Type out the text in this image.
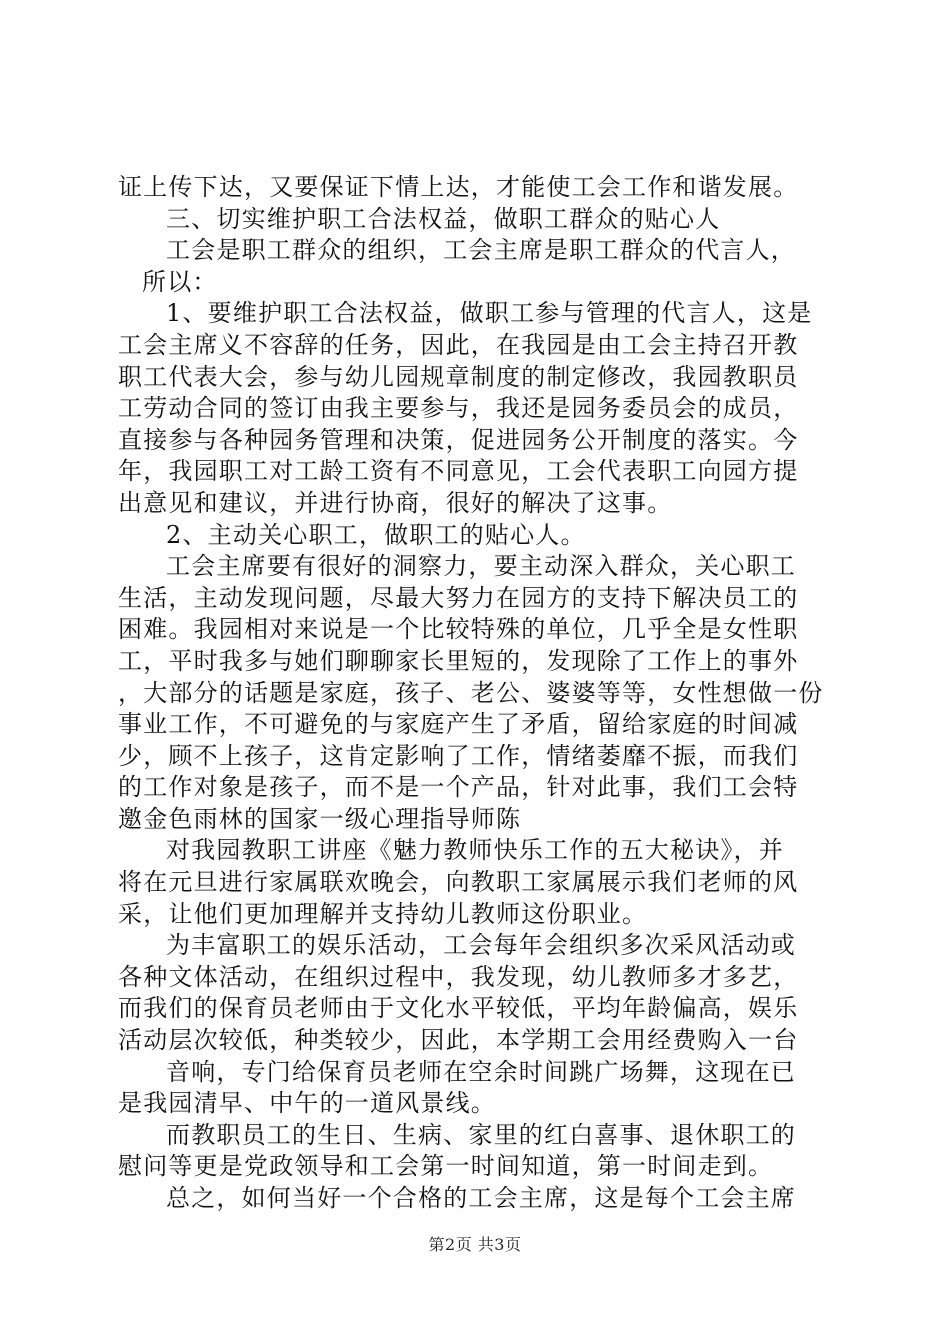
证上传下达，又要保证下情上达，才能使工会工作和谐发展。
三、切实维护职工合法权益，做职工群众的贴心人
工会是职工群众的组织，工会主席是职工群众的代言人，
所以：
1、要维护职工合法权益，做职工参与管理的代言人，这是
工会主席义不容辞的任务，因此，在我园是由工会主持召开教
职工代表大会，参与幼儿园规章制度的制定修改，我园教职员
工劳动合同的签订由我主要参与，我还是园务委员会的成员，
直接参与各种园务管理和决策，促进园务公开制度的落实。今
年，我园职工对工龄工资有不同意见，工会代表职工向园方提
出意见和建议，并进行协商，很好的解决了这事。
2、主动关心职工，做职工的贴心人。
工会主席要有很好的洞察力，要主动深入群众，关心职工
生活，主动发现问题，尽最大努力在园方的支持下解决员工的
困难。我园相对来说是一个比较特殊的单位，几乎全是女性职
工，平时我多与她们聊聊家长里短的，发现除了工作上的事外
，大部分的话题是家庭，孩子、老公、婆婆等等，女性想做一份
事业工作，不可避免的与家庭产生了矛盾，留给家庭的时间减
少，顾不上孩子，这肯定影响了工作，情绪萎靡不振，而我们
的工作对象是孩子，而不是一个产品，针对此事，我们工会特
邀金色雨林的国家一级心理指导师陈
对我园教职工讲座《魅力教师快乐工作的五大秘诀》，并
将在元旦进行家属联欢晚会，向教职工家属展示我们老师的风
采，让他们更加理解并支持幼儿教师这份职业。
为丰富职工的娱乐活动，工会每年会组织多次采风活动或
各种文体活动，在组织过程中，我发现，幼儿教师多才多艺，
而我们的保育员老师由于文化水平较低，平均年龄偏高，娱乐
活动层次较低，种类较少，因此，本学期工会用经费购入一台
音响，专门给保育员老师在空余时间跳广场舞，这现在已
是我园清早、中午的一道风景线。
而教职员工的生日、生病、家里的红白喜事、退休职工的
慰问等更是党政领导和工会第一时间知道，第一时间走到。
总之，如何当好一个合格的工会主席，这是每个工会主席
第2页 共3页
